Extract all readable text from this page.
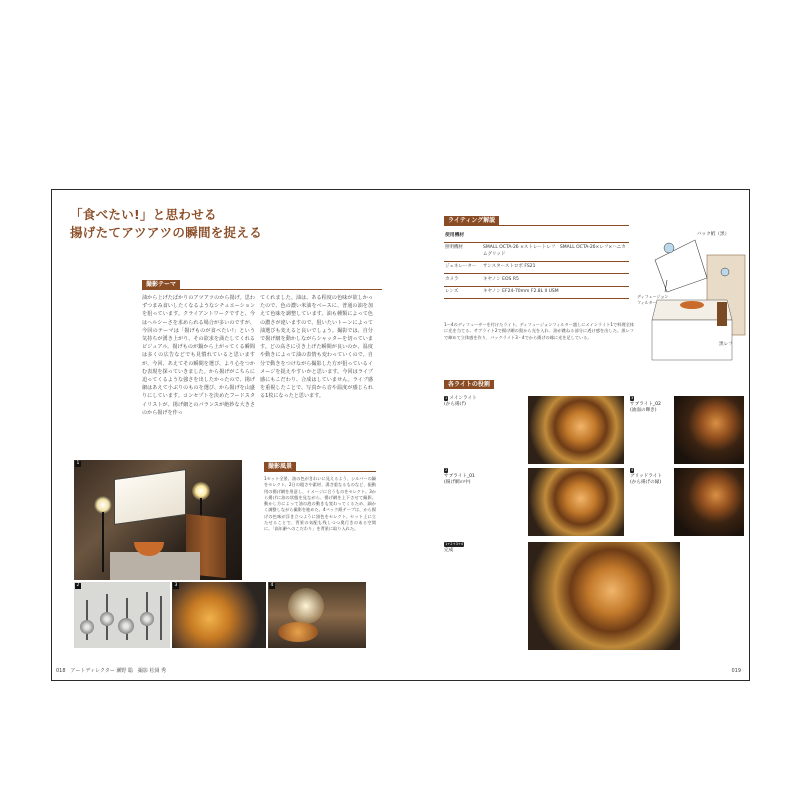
「食べたい!」と思わせる
揚げたてアツアツの瞬間を捉える
撮影テーマ
油から上げたばかりのアツアツのから揚げ。思わずつまみ食いしたくなるようなシチュエーションを狙っています。クライアントワークですと、今はヘルシーさを求められる場合が多いのですが、今回のテーマは「揚げものが食べたい!」という気持ちが湧き上がり、その欲求を満たしてくれるビジュアル。揚げものが鍋から上がってくる瞬間は多くの広告などでも見慣れていると思いますが、今回、あえてその瞬間を選び、より心をつかむ表現を探っていきました。から揚げがこちらに迫ってくるような強さを出したかったので、揚げ網はあえて小ぶりのものを選び、から揚げを山盛りにしています。コンセプトを決めたフードスタイリストが、揚げ網とのバランスが絶妙な大きさのから揚げを作っ
てくれました。油は、ある程度の色味が欲しかったので、色の濃い米油をベースに、普通の油を加えて色味を調整しています。油も種類によって色の濃さが違いますので、狙いたいトーンによって油選びも変えると良いでしょう。撮影では、自分で揚げ網を動かしながらシャッターを切っています。どの高さに引き上げた瞬間が良いのか、温度や動きによって油の表情も変わっていくので、自分で動きをつけながら撮影した方が狙っているイメージを捉えやすいかと思います。今回はライブ感にもこだわり、合成はしていません。ライブ感を重視したことで、写真から音や温度が感じられる1枚になったと思います。
1
2	3	4
撮影風景
1セット全景。油の色がきれいに見えるよう、シルバーの鍋をセレクト。2日の粗さや素材、湯ざ重なるものなど、振動用の揚げ網を用意し、イメージに合うものをセレクト。3から揚げに油の状態を見ながら、揚げ網を上下させて撮影。動かし方によって油の泡の動きも変わってくるため、細かく調整しながら撮影を進めた。4バック紙テープは、から揚げの色味が浮き立つように黒色をセレクト。セット上に立たせることで、背景の気配も残しつつ奥行きのある空間に。「高年齢へのこだわり」を背景に取り入れた。
018　アートディレクター 瀬野 聡　撮影 松岡 秀
ライティング解説
使用機材	
照明機材	SMALL OCTA-26 ×ストレートレフ　SMALL OCTA-26×レフ×ハニカムグリッド
ジェネレーター	サンスターストロボ FS21
カメラ	キヤノン EOS R5
レンズ	キヤノン EF24-70mm F2.8L II USM
バック紙（黒）
ディフュージョンフィルター
黒レフ
1〜4のディフューザーを付けたライト。ディフュージョンフィルター越しにメインライト1で料理全体に光を当てる。サブライト2で揚げ網の奥から光を入れ、油が跳ねる部分に透け感を出した。黒レフで締めて立体感を作り、バックライト3・4でから揚げの縁に光を足している。
各ライトの役割
1 メインライト
(から揚げ)
3
サブライト_02
(油面の輝き)
2
サブライト_01
(揚げ網の中)
4
グリッドライト
(から揚げの縁)
1+2+3+4
完成
019
